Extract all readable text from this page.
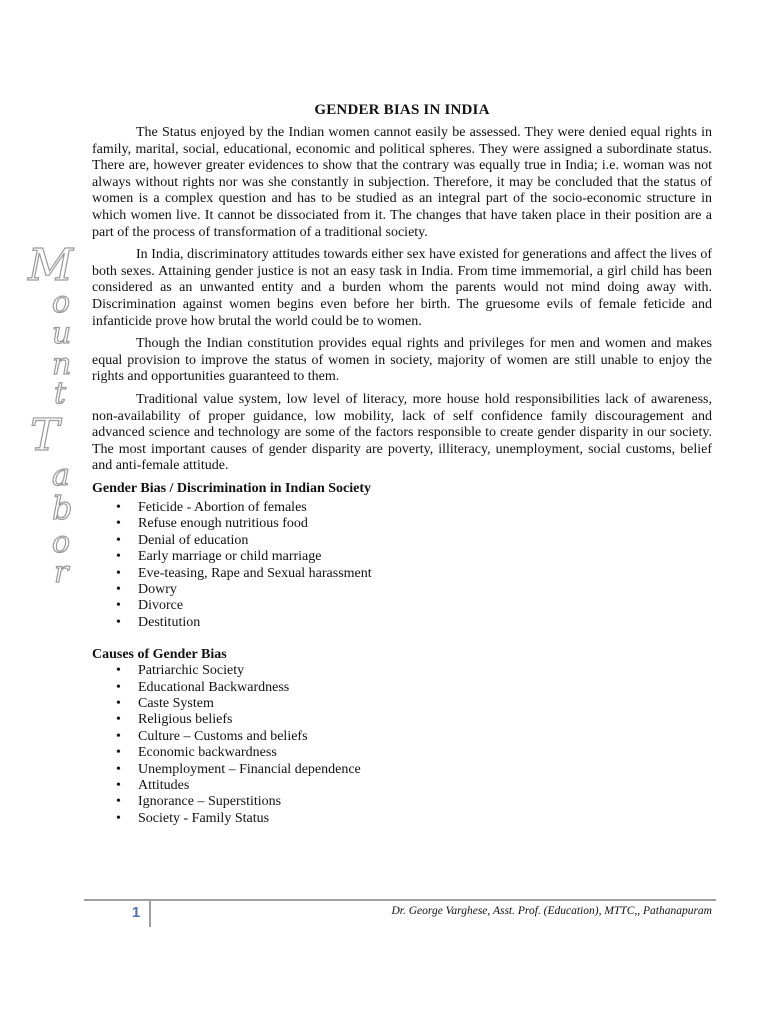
M
o
u
n
t
T
a
b
o
r
GENDER BIAS IN INDIA

The Status enjoyed by the Indian women cannot easily be assessed. They were denied equal rights in family, marital, social, educational, economic and political spheres. They were assigned a subordinate status. There are, however greater evidences to show that the contrary was equally true in India; i.e. woman was not always without rights nor was she constantly in subjection. Therefore, it may be concluded that the status of women is a complex question and has to be studied as an integral part of the socio-economic structure in which women live. It cannot be dissociated from it. The changes that have taken place in their position are a part of the process of transformation of a traditional society.

In India, discriminatory attitudes towards either sex have existed for generations and affect the lives of both sexes. Attaining gender justice is not an easy task in India. From time immemorial, a girl child has been considered as an unwanted entity and a burden whom the parents would not mind doing away with. Discrimination against women begins even before her birth. The gruesome evils of female feticide and infanticide prove how brutal the world could be to women.

Though the Indian constitution provides equal rights and privileges for men and women and makes equal provision to improve the status of women in society, majority of women are still unable to enjoy the rights and opportunities guaranteed to them.

Traditional value system, low level of literacy, more house hold responsibilities lack of awareness, non-availability of proper guidance, low mobility, lack of self confidence family discouragement and advanced science and technology are some of the factors responsible to create gender disparity in our society. The most important causes of gender disparity are poverty, illiteracy, unemployment, social customs, belief and anti-female attitude.

Gender Bias / Discrimination in Indian Society
• Feticide - Abortion of females
• Refuse enough nutritious food
• Denial of education
• Early marriage or child marriage
• Eve-teasing, Rape and Sexual harassment
• Dowry
• Divorce
• Destitution
Causes of Gender Bias
• Patriarchic Society
• Educational Backwardness
• Caste System
• Religious beliefs
• Culture – Customs and beliefs
• Economic backwardness
• Unemployment – Financial dependence
• Attitudes
• Ignorance – Superstitions
• Society - Family Status
1	Dr. George Varghese, Asst. Prof. (Education), MTTC,, Pathanapuram
